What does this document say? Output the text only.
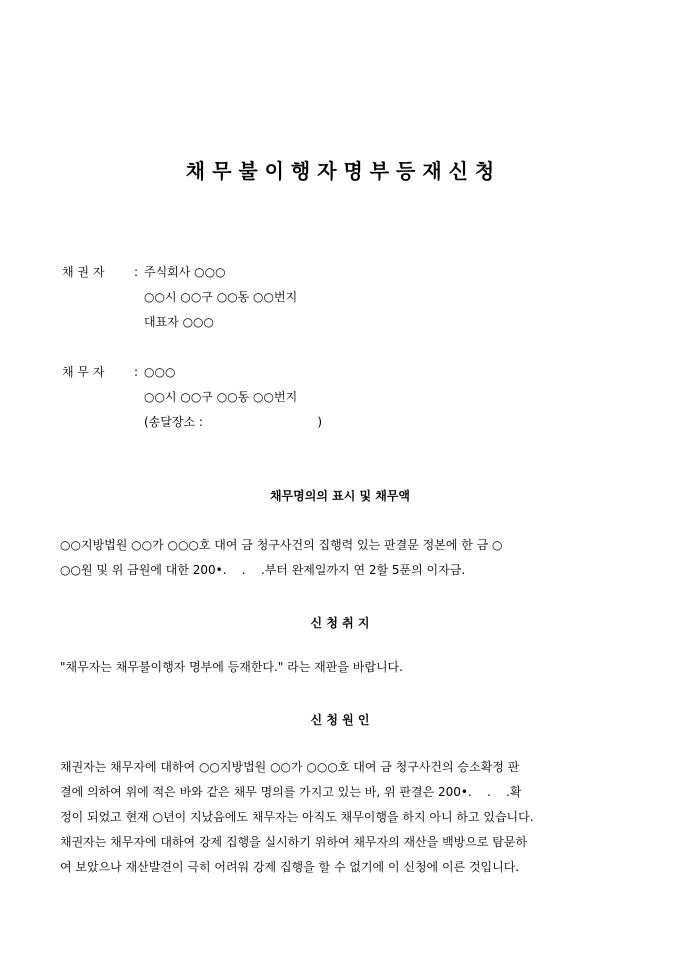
채 무 불 이 행 자 명 부 등 재 신 청
채 권 자 : 주식회사 ○○○
○○시 ○○구 ○○동 ○○번지
대표자 ○○○
채 무 자 : ○○○
○○시 ○○구 ○○동 ○○번지
(송달장소 :                              )
채무명의의 표시 및 채무액
○○지방법원 ○○가 ○○○호 대여 금 청구사건의 집행력 있는 판결문 정본에 한 금 ○
○○원 및 위 금원에 대한 200•.    .    .부터 완제일까지 연 2할 5푼의 이자금.
신 청 취 지
"채무자는 채무불이행자 명부에 등재한다." 라는 재판을 바랍니다.
신 청 원 인
채권자는 채무자에 대하여 ○○지방법원 ○○가 ○○○호 대여 금 청구사건의 승소확정 판
결에 의하여 위에 적은 바와 같은 채무 명의를 가지고 있는 바, 위 판결은 200•.    .    .확
정이 되었고 현재 ○년이 지났음에도 채무자는 아직도 채무이행을 하지 아니 하고 있습니다.
채권자는 채무자에 대하여 강제 집행을 실시하기 위하여 채무자의 재산을 백방으로 탐문하
여 보았으나 재산발견이 극히 어려워 강제 집행을 할 수 없기에 이 신청에 이른 것입니다.
